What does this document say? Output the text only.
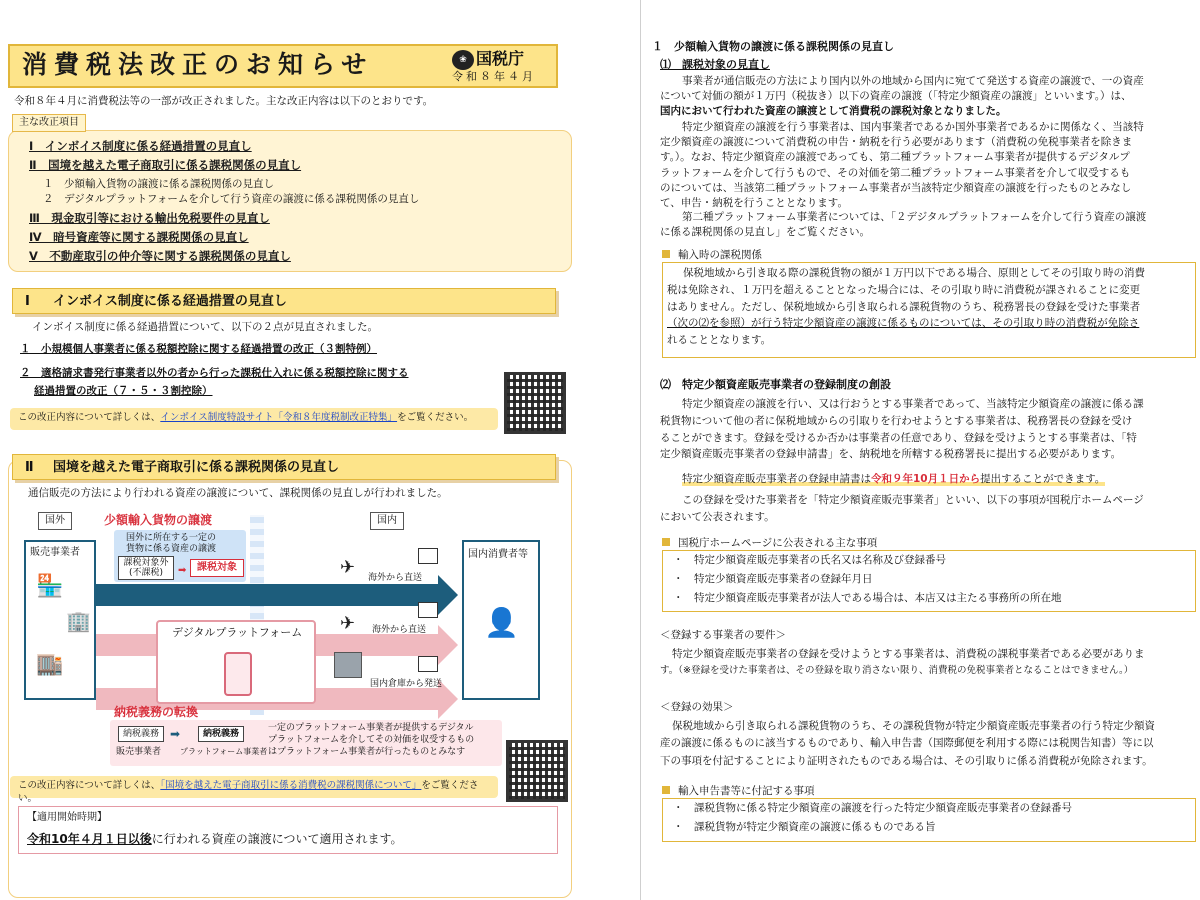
消費税法改正のお知らせ	❀ 国税庁
令和８年４月
令和８年４月に消費税法等の一部が改正されました。主な改正内容は以下のとおりです。
Ⅰ　インボイス制度に係る経過措置の見直し
Ⅱ　国境を越えた電子商取引に係る課税関係の見直し
１　少額輸入貨物の譲渡に係る課税関係の見直し
２　デジタルプラットフォームを介して行う資産の譲渡に係る課税関係の見直し
Ⅲ　現金取引等における輸出免税要件の見直し
Ⅳ　暗号資産等に関する課税関係の見直し
Ⅴ　不動産取引の仲介等に関する課税関係の見直し
主な改正項目
Ⅰ インボイス制度に係る経過措置の見直し
インボイス制度に係る経過措置について、以下の２点が見直されました。
１　小規模個人事業者に係る税額控除に関する経過措置の改正（３割特例）
２　適格請求書発行事業者以外の者から行った課税仕入れに係る税額控除に関する
経過措置の改正（７・５・３割控除）
この改正内容について詳しくは、インボイス制度特設サイト「令和８年度税制改正特集」をご覧ください。
Ⅱ 国境を越えた電子商取引に係る課税関係の見直し
通信販売の方法により行われる資産の譲渡について、課税関係の見直しが行われました。
国外	国内
少額輸入貨物の譲渡
国外に所在する一定の
貨物に係る資産の譲渡
課税対象外
(不課税)	➡	課税対象
販売事業者
🏪
🏢
🏬
✈ 海外から直送
デジタルプラットフォーム ✈ 海外から直送
国内倉庫から発送
国内消費者等
👤
納税義務の転換
納税義務
販売事業者
➡	納税義務
プラットフォーム事業者
一定のプラットフォーム事業者が提供するデジタル
プラットフォームを介してその対価を収受するもの
はプラットフォーム事業者が行ったものとみなす
この改正内容について詳しくは、「国境を越えた電子商取引に係る消費税の課税関係について」をご覧ください。
【適用開始時期】
令和10年４月１日以後に行われる資産の譲渡について適用されます。
１　少額輸入貨物の譲渡に係る課税関係の見直し
⑴　課税対象の見直し
事業者が通信販売の方法により国内以外の地域から国内に宛てて発送する資産の譲渡で、一の資産
について対価の額が１万円（税抜き）以下の資産の譲渡（「特定少額資産の譲渡」といいます。）は、
国内において行われた資産の譲渡として消費税の課税対象となりました。
特定少額資産の譲渡を行う事業者は、国内事業者であるか国外事業者であるかに関係なく、当該特
定少額資産の譲渡について消費税の申告・納税を行う必要があります（消費税の免税事業者を除きま
す。）。なお、特定少額資産の譲渡であっても、第二種プラットフォーム事業者が提供するデジタルプ
ラットフォームを介して行うもので、その対価を第二種プラットフォーム事業者を介して収受するも
のについては、当該第二種プラットフォーム事業者が当該特定少額資産の譲渡を行ったものとみなし
て、申告・納税を行うこととなります。
第二種プラットフォーム事業者については、「２デジタルプラットフォームを介して行う資産の譲渡
に係る課税関係の見直し」をご覧ください。
輸入時の課税関係
保税地域から引き取る際の課税貨物の額が１万円以下である場合、原則としてその引取り時の消費
税は免除され、１万円を超えることとなった場合には、その引取り時に消費税が課されることに変更
はありません。ただし、保税地域から引き取られる課税貨物のうち、税務署長の登録を受けた事業者
（次の⑵を参照）が行う特定少額資産の譲渡に係るものについては、その引取り時の消費税が免除さ
れることとなります。
⑵　特定少額資産販売事業者の登録制度の創設
特定少額資産の譲渡を行い、又は行おうとする事業者であって、当該特定少額資産の譲渡に係る課
税貨物について他の者に保税地域からの引取りを行わせようとする事業者は、税務署長の登録を受け
ることができます。登録を受けるか否かは事業者の任意であり、登録を受けようとする事業者は、「特
定少額資産販売事業者の登録申請書」を、納税地を所轄する税務署長に提出する必要があります。
特定少額資産販売事業者の登録申請書は令和９年10月１日から提出することができます。
この登録を受けた事業者を「特定少額資産販売事業者」といい、以下の事項が国税庁ホームページ
において公表されます。
国税庁ホームページに公表される主な事項
・　特定少額資産販売事業者の氏名又は名称及び登録番号
・　特定少額資産販売事業者の登録年月日
・　特定少額資産販売事業者が法人である場合は、本店又は主たる事務所の所在地
＜登録する事業者の要件＞
特定少額資産販売事業者の登録を受けようとする事業者は、消費税の課税事業者である必要がありま
す。（※登録を受けた事業者は、その登録を取り消さない限り、消費税の免税事業者となることはできません。）
＜登録の効果＞
保税地域から引き取られる課税貨物のうち、その課税貨物が特定少額資産販売事業者の行う特定少額資
産の譲渡に係るものに該当するものであり、輸入申告書（国際郵便を利用する際には税関告知書）等に以
下の事項を付記することにより証明されたものである場合は、その引取りに係る消費税が免除されます。
輸入申告書等に付記する事項
・　課税貨物に係る特定少額資産の譲渡を行った特定少額資産販売事業者の登録番号
・　課税貨物が特定少額資産の譲渡に係るものである旨
